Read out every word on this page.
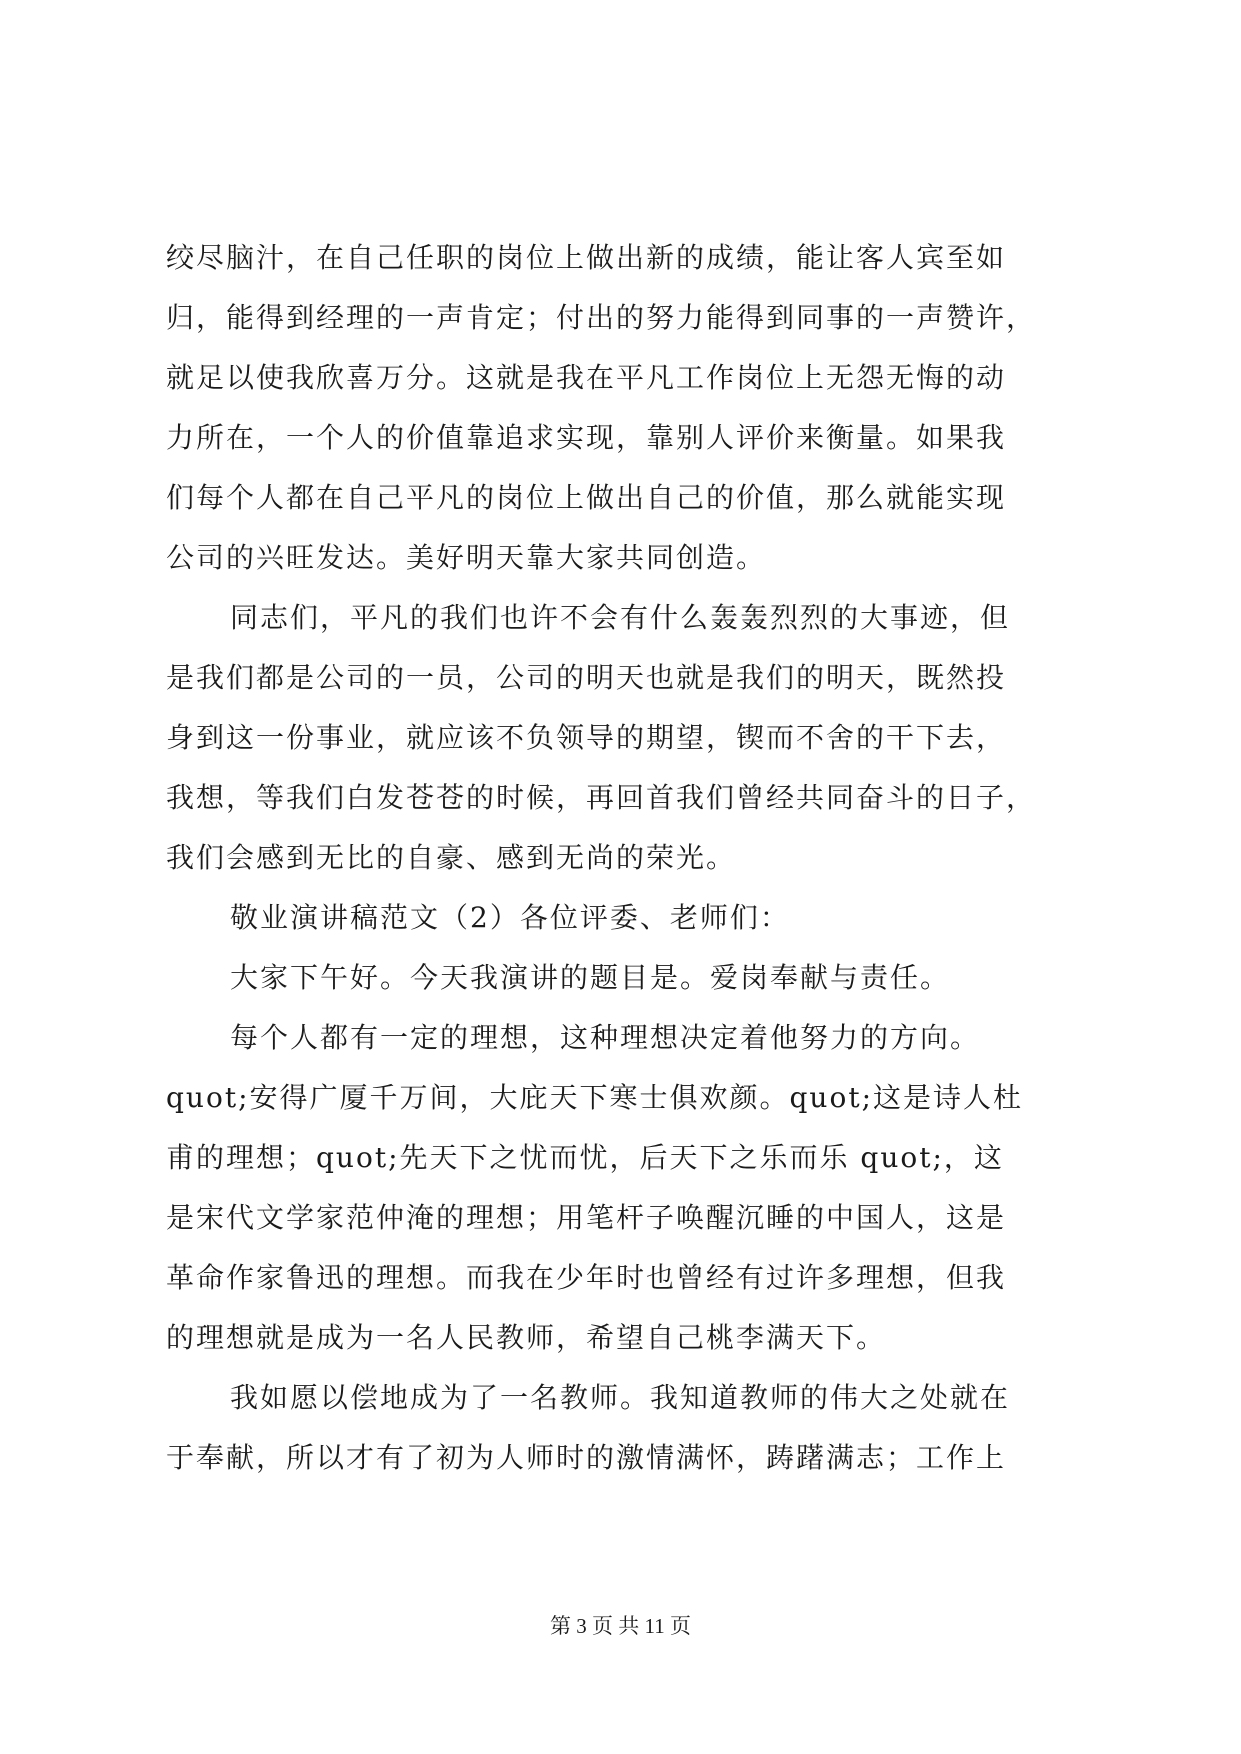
绞尽脑汁，在自己任职的岗位上做出新的成绩，能让客人宾至如
归，能得到经理的一声肯定；付出的努力能得到同事的一声赞许，
就足以使我欣喜万分。这就是我在平凡工作岗位上无怨无悔的动
力所在，一个人的价值靠追求实现，靠别人评价来衡量。如果我
们每个人都在自己平凡的岗位上做出自己的价值，那么就能实现
公司的兴旺发达。美好明天靠大家共同创造。
同志们，平凡的我们也许不会有什么轰轰烈烈的大事迹，但
是我们都是公司的一员，公司的明天也就是我们的明天，既然投
身到这一份事业，就应该不负领导的期望，锲而不舍的干下去，
我想，等我们白发苍苍的时候，再回首我们曾经共同奋斗的日子，
我们会感到无比的自豪、感到无尚的荣光。
敬业演讲稿范文（2）各位评委、老师们：
大家下午好。今天我演讲的题目是。爱岗奉献与责任。
每个人都有一定的理想，这种理想决定着他努力的方向。
quot;安得广厦千万间，大庇天下寒士俱欢颜。quot;这是诗人杜
甫的理想；quot;先天下之忧而忧，后天下之乐而乐 quot;，这
是宋代文学家范仲淹的理想；用笔杆子唤醒沉睡的中国人，这是
革命作家鲁迅的理想。而我在少年时也曾经有过许多理想，但我
的理想就是成为一名人民教师，希望自己桃李满天下。
我如愿以偿地成为了一名教师。我知道教师的伟大之处就在
于奉献，所以才有了初为人师时的激情满怀，踌躇满志；工作上
第 3 页 共 11 页
